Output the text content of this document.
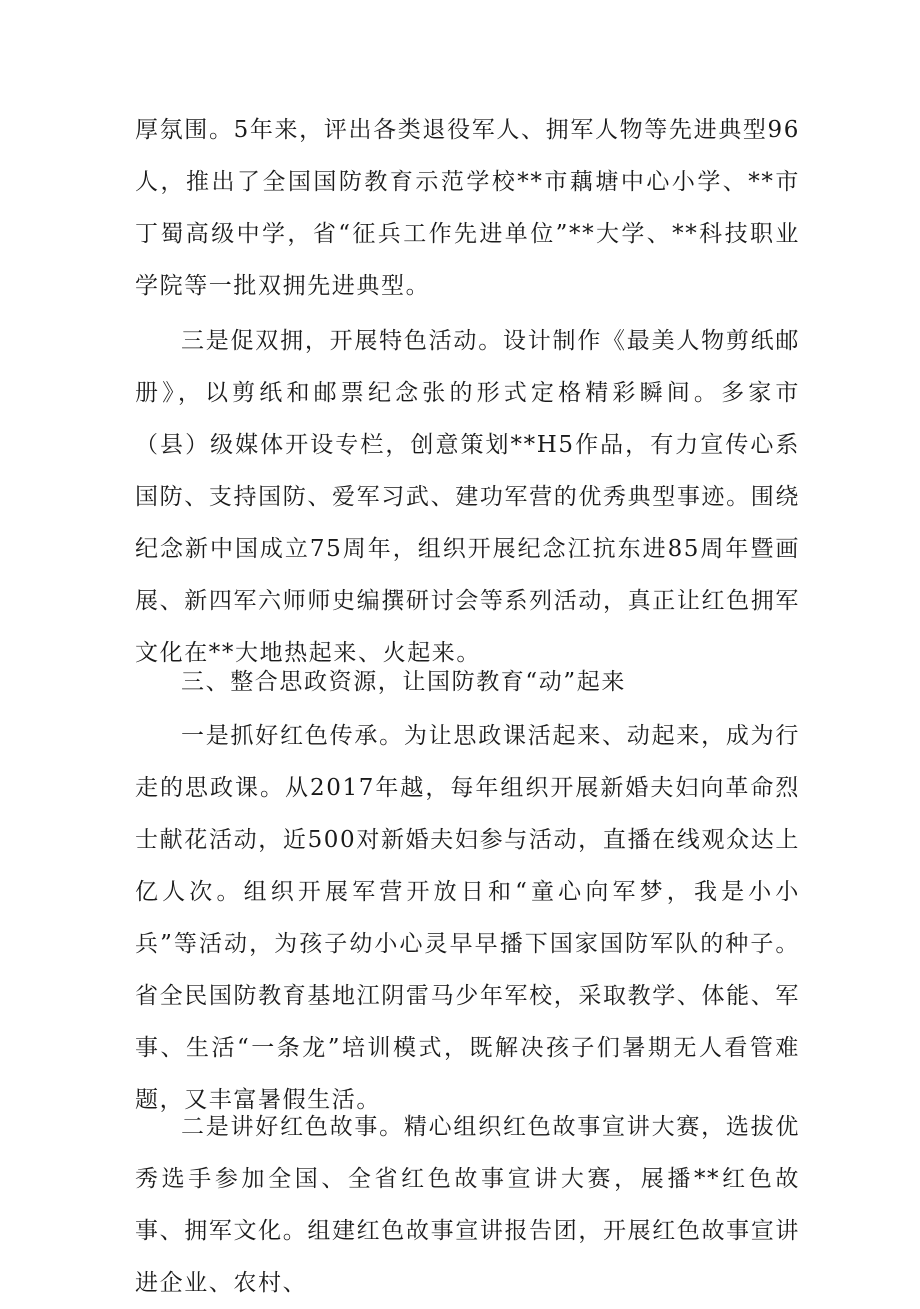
厚氛围。5年来，评出各类退役军人、拥军人物等先进典型96人，推出了全国国防教育示范学校**市藕塘中心小学、**市丁蜀高级中学，省“征兵工作先进单位”**大学、**科技职业学院等一批双拥先进典型。

三是促双拥，开展特色活动。设计制作《最美人物剪纸邮册》，以剪纸和邮票纪念张的形式定格精彩瞬间。多家市（县）级媒体开设专栏，创意策划**H5作品，有力宣传心系国防、支持国防、爱军习武、建功军营的优秀典型事迹。围绕纪念新中国成立75周年，组织开展纪念江抗东进85周年暨画展、新四军六师师史编撰研讨会等系列活动，真正让红色拥军文化在**大地热起来、火起来。

三、整合思政资源，让国防教育“动”起来

一是抓好红色传承。为让思政课活起来、动起来，成为行走的思政课。从2017年越，每年组织开展新婚夫妇向革命烈士献花活动，近500对新婚夫妇参与活动，直播在线观众达上亿人次。组织开展军营开放日和“童心向军梦，我是小小兵”等活动，为孩子幼小心灵早早播下国家国防军队的种子。省全民国防教育基地江阴雷马少年军校，采取教学、体能、军事、生活“一条龙”培训模式，既解决孩子们暑期无人看管难题，又丰富暑假生活。

二是讲好红色故事。精心组织红色故事宣讲大赛，选拔优秀选手参加全国、全省红色故事宣讲大赛，展播**红色故事、拥军文化。组建红色故事宣讲报告团，开展红色故事宣讲进企业、农村、
